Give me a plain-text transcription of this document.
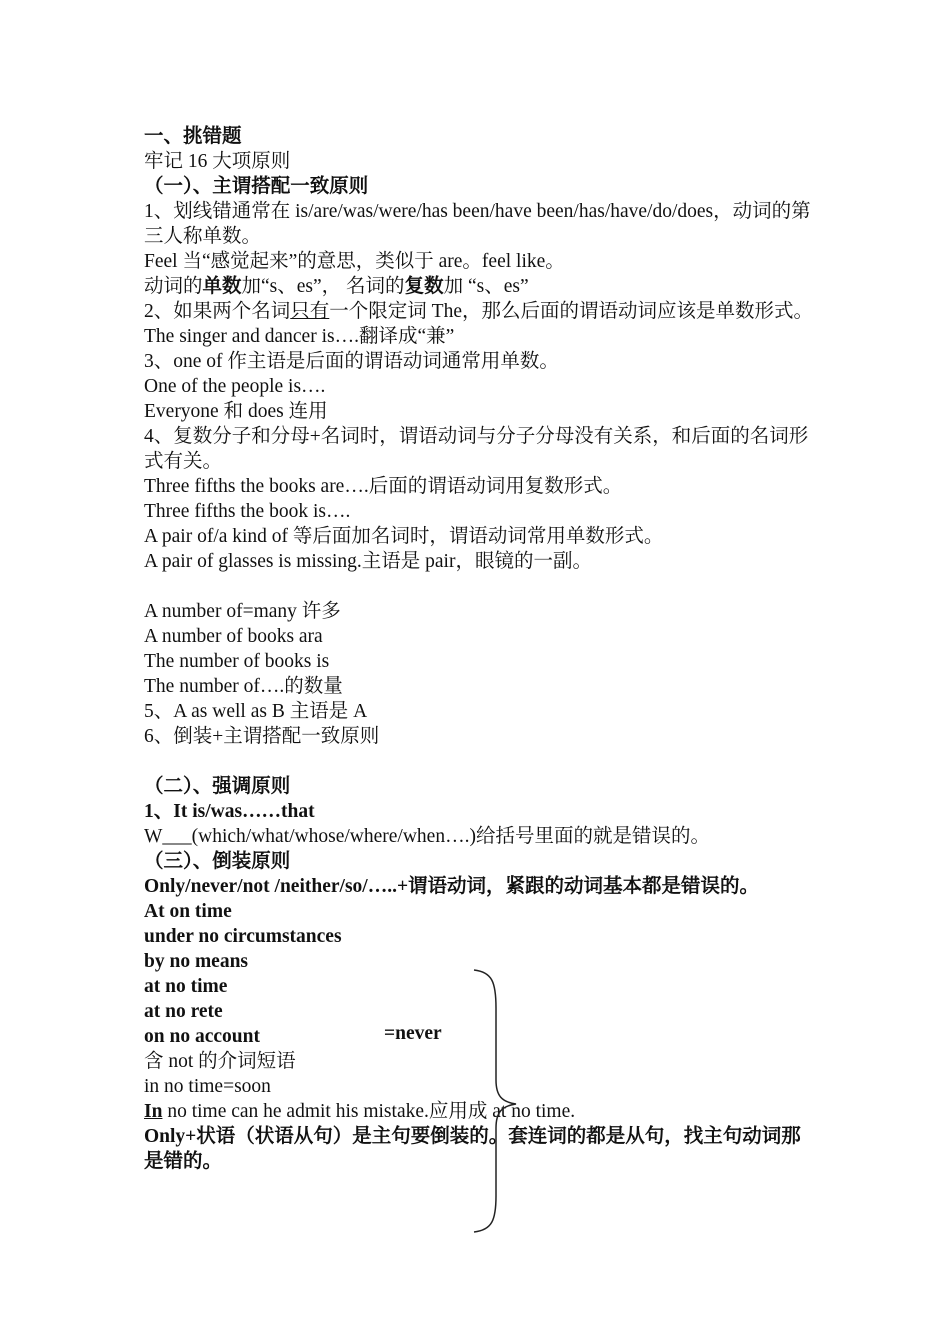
一、挑错题
牢记 16 大项原则
（一）、主谓搭配一致原则
1、划线错通常在 is/are/was/were/has been/have been/has/have/do/does，动词的第三人称单数。
Feel 当“感觉起来”的意思，类似于 are。feel like。
动词的单数加“s、es”， 名词的复数加 “s、es”
2、如果两个名词只有一个限定词 The，那么后面的谓语动词应该是单数形式。
The singer and dancer is….翻译成“兼”
3、one of 作主语是后面的谓语动词通常用单数。
One of the people is….
Everyone 和 does 连用
4、复数分子和分母+名词时，谓语动词与分子分母没有关系，和后面的名词形式有关。
Three fifths the books are….后面的谓语动词用复数形式。
Three fifths the book is….
A pair of/a kind of 等后面加名词时，谓语动词常用单数形式。
A pair of glasses is missing.主语是 pair，眼镜的一副。
A number of=many 许多
A number of books ara
The number of books is
The number of….的数量
5、A as well as B 主语是 A
6、倒装+主谓搭配一致原则
（二）、强调原则
1、It is/was……that
W___(which/what/whose/where/when….)给括号里面的就是错误的。
（三）、倒装原则
Only/never/not /neither/so/…..+谓语动词，紧跟的动词基本都是错误的。
At on time
under no circumstances
by no means
at no time
at no rete
on no account
含 not 的介词短语
in no time=soon
In no time can he admit his mistake.应用成 at no time.
Only+状语（状语从句）是主句要倒装的。套连词的都是从句，找主句动词那是错的。
=never
